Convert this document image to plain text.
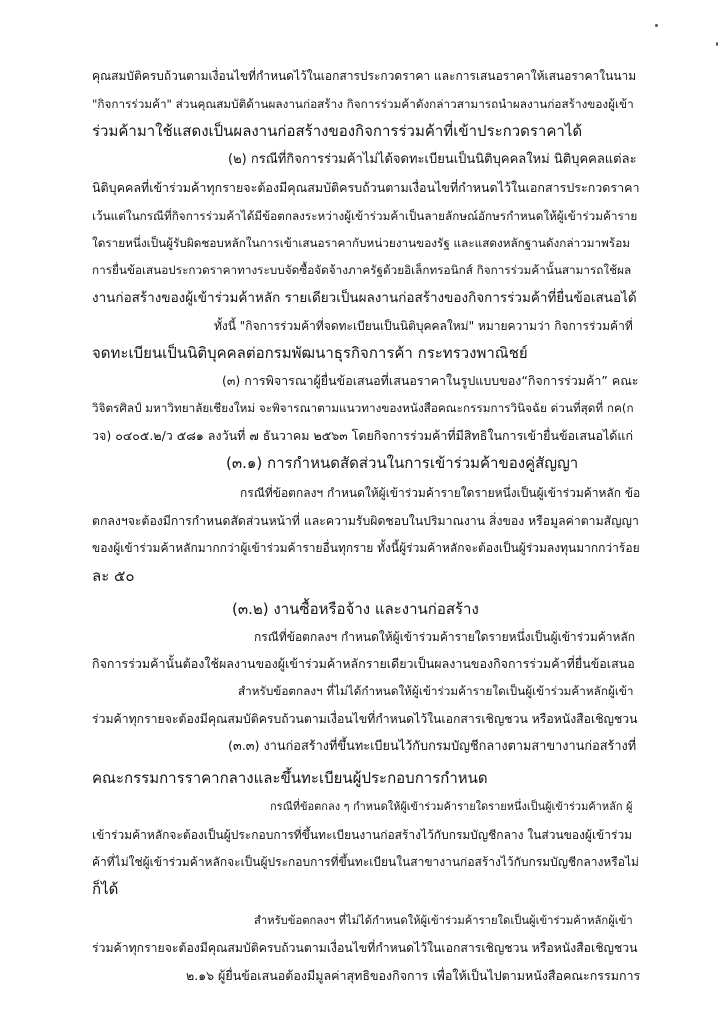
คุณสมบัติครบถ้วนตามเงื่อนไขที่กำหนดไว้ในเอกสารประกวดราคา และการเสนอราคาให้เสนอราคาในนาม
"กิจการร่วมค้า" ส่วนคุณสมบัติด้านผลงานก่อสร้าง กิจการร่วมค้าดังกล่าวสามารถนำผลงานก่อสร้างของผู้เข้า
ร่วมค้ามาใช้แสดงเป็นผลงานก่อสร้างของกิจการร่วมค้าที่เข้าประกวดราคาได้
(๒) กรณีที่กิจการร่วมค้าไม่ได้จดทะเบียนเป็นนิติบุคคลใหม่ นิติบุคคลแต่ละ
นิติบุคคลที่เข้าร่วมค้าทุกรายจะต้องมีคุณสมบัติครบถ้วนตามเงื่อนไขที่กำหนดไว้ในเอกสารประกวดราคา
เว้นแต่ในกรณีที่กิจการร่วมค้าได้มีข้อตกลงระหว่างผู้เข้าร่วมค้าเป็นลายลักษณ์อักษรกำหนดให้ผู้เข้าร่วมค้าราย
ใดรายหนึ่งเป็นผู้รับผิดชอบหลักในการเข้าเสนอราคากับหน่วยงานของรัฐ และแสดงหลักฐานดังกล่าวมาพร้อม
การยื่นข้อเสนอประกวดราคาทางระบบจัดซื้อจัดจ้างภาครัฐด้วยอิเล็กทรอนิกส์ กิจการร่วมค้านั้นสามารถใช้ผล
งานก่อสร้างของผู้เข้าร่วมค้าหลัก รายเดียวเป็นผลงานก่อสร้างของกิจการร่วมค้าที่ยื่นข้อเสนอได้
ทั้งนี้ "กิจการร่วมค้าที่จดทะเบียนเป็นนิติบุคคลใหม่" หมายความว่า กิจการร่วมค้าที่
จดทะเบียนเป็นนิติบุคคลต่อกรมพัฒนาธุรกิจการค้า กระทรวงพาณิชย์
(๓) การพิจารณาผู้ยื่นข้อเสนอที่เสนอราคาในรูปแบบของ“กิจการร่วมค้า” คณะ
วิจิตรศิลป์ มหาวิทยาลัยเชียงใหม่ จะพิจารณาตามแนวทางของหนังสือคณะกรรมการวินิจฉัย ด่วนที่สุดที่ กค(ก
วจ) ๐๔๐๕.๒/ว ๕๘๑ ลงวันที่ ๗ ธันวาคม ๒๕๖๓ โดยกิจการร่วมค้าที่มีสิทธิในการเข้ายื่นข้อเสนอได้แก่
(๓.๑) การกำหนดสัดส่วนในการเข้าร่วมค้าของคู่สัญญา
กรณีที่ข้อตกลงฯ กำหนดให้ผู้เข้าร่วมค้ารายใดรายหนึ่งเป็นผู้เข้าร่วมค้าหลัก ข้อ
ตกลงฯจะต้องมีการกำหนดสัดส่วนหน้าที่ และความรับผิดชอบในปริมาณงาน สิ่งของ หรือมูลค่าตามสัญญา
ของผู้เข้าร่วมค้าหลักมากกว่าผู้เข้าร่วมค้ารายอื่นทุกราย ทั้งนี้ผู้ร่วมค้าหลักจะต้องเป็นผู้ร่วมลงทุนมากกว่าร้อย
ละ ๕๐
(๓.๒) งานซื้อหรือจ้าง และงานก่อสร้าง
กรณีที่ข้อตกลงฯ กำหนดให้ผู้เข้าร่วมค้ารายใดรายหนึ่งเป็นผู้เข้าร่วมค้าหลัก
กิจการร่วมค้านั้นต้องใช้ผลงานของผู้เข้าร่วมค้าหลักรายเดียวเป็นผลงานของกิจการร่วมค้าที่ยื่นข้อเสนอ
สำหรับข้อตกลงฯ ที่ไม่ได้กำหนดให้ผู้เข้าร่วมค้ารายใดเป็นผู้เข้าร่วมค้าหลักผู้เข้า
ร่วมค้าทุกรายจะต้องมีคุณสมบัติครบถ้วนตามเงื่อนไขที่กำหนดไว้ในเอกสารเชิญชวน หรือหนังสือเชิญชวน
(๓.๓) งานก่อสร้างที่ขึ้นทะเบียนไว้กับกรมบัญชีกลางตามสาขางานก่อสร้างที่
คณะกรรมการราคากลางและขึ้นทะเบียนผู้ประกอบการกำหนด
กรณีที่ข้อตกลง ๆ กำหนดให้ผู้เข้าร่วมค้ารายใดรายหนึ่งเป็นผู้เข้าร่วมค้าหลัก ผู้
เข้าร่วมค้าหลักจะต้องเป็นผู้ประกอบการที่ขึ้นทะเบียนงานก่อสร้างไว้กับกรมบัญชีกลาง ในส่วนของผู้เข้าร่วม
ค้าที่ไม่ใช่ผู้เข้าร่วมค้าหลักจะเป็นผู้ประกอบการที่ขึ้นทะเบียนในสาขางานก่อสร้างไว้กับกรมบัญชีกลางหรือไม่
ก็ได้
สำหรับข้อตกลงฯ ที่ไม่ได้กำหนดให้ผู้เข้าร่วมค้ารายใดเป็นผู้เข้าร่วมค้าหลักผู้เข้า
ร่วมค้าทุกรายจะต้องมีคุณสมบัติครบถ้วนตามเงื่อนไขที่กำหนดไว้ในเอกสารเชิญชวน หรือหนังสือเชิญชวน
๒.๑๖ ผู้ยื่นข้อเสนอต้องมีมูลค่าสุทธิของกิจการ เพื่อให้เป็นไปตามหนังสือคณะกรรมการ
